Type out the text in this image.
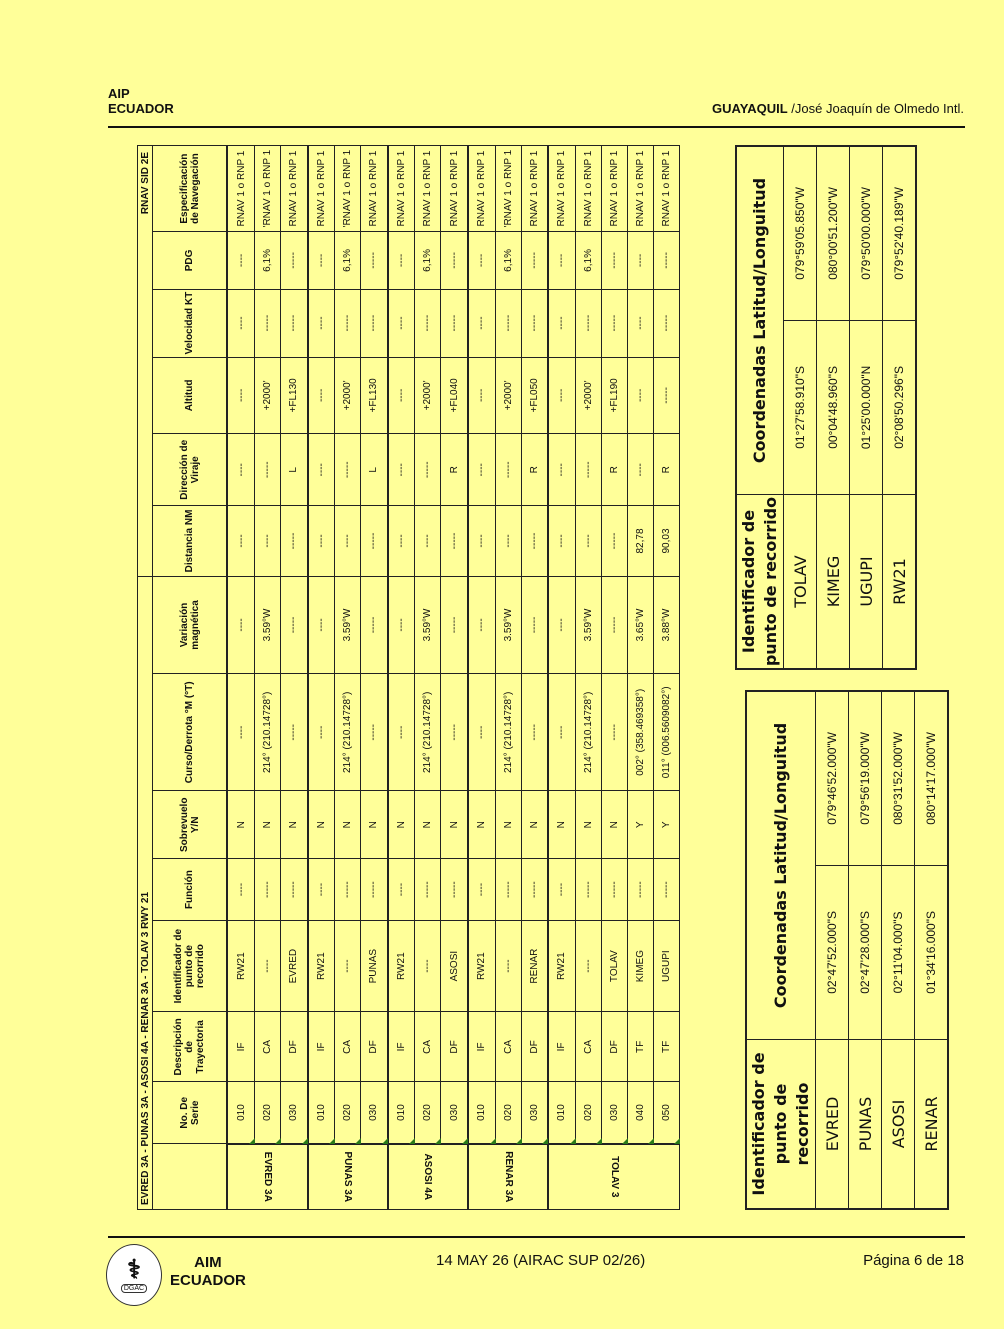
AIP
ECUADOR	GUAYAQUIL /José Joaquín de Olmedo Intl.
EVRED 3A - PUNAS 3A - ASOSI 4A - RENAR 3A - TOLAV 3 RWY 21								RNAV SID 2E					
	No. De Serie	Descripción de Trayectoria	Identificador de punto de recorrido	Función	Sobrevuelo Y/N	Curso/Derrota °M (°T)	Variación magnética	Distancia NM	Dirección de Viraje	Altitud	Velocidad KT	PDG	Especificación de Navegación

EVRED 3A	010	IF	RW21	----	N	----	----	----	----	----	----	----	RNAV 1 o RNP 1
	020	CA	----	-----	N	214° (210.14728°)	3.59°W	----	-----	+2000'	-----	6,1%	'RNAV 1 o RNP 1
	030	DF	EVRED	-----	N	-----	-----	-----	L	+FL130	-----	-----	RNAV 1 o RNP 1

PUNAS 3A	010	IF	RW21	----	N	----	----	----	----	----	----	----	RNAV 1 o RNP 1
	020	CA	----	-----	N	214° (210.14728°)	3.59°W	----	-----	+2000'	-----	6,1%	'RNAV 1 o RNP 1
	030	DF	PUNAS	-----	N	-----	-----	-----	L	+FL130	-----	-----	RNAV 1 o RNP 1

ASOSI 4A	010	IF	RW21	----	N	----	----	----	----	----	----	----	RNAV 1 o RNP 1
	020	CA	----	-----	N	214° (210.14728°)	3.59°W	----	-----	+2000'	-----	6,1%	RNAV 1 o RNP 1
	030	DF	ASOSI	-----	N	-----	-----	-----	R	+FL040	-----	-----	RNAV 1 o RNP 1

RENAR 3A	010	IF	RW21	----	N	----	----	----	----	----	----	----	RNAV 1 o RNP 1
	020	CA	----	-----	N	214° (210.14728°)	3.59°W	----	-----	+2000'	-----	6,1%	'RNAV 1 o RNP 1
	030	DF	RENAR	-----	N	-----	-----	-----	R	+FL050	-----	-----	RNAV 1 o RNP 1

TOLAV 3	010	IF	RW21	----	N	----	----	----	----	----	----	----	RNAV 1 o RNP 1
	020	CA	----	-----	N	214° (210.14728°)	3.59°W	----	-----	+2000'	-----	6,1%	RNAV 1 o RNP 1
	030	DF	TOLAV	-----	N	-----	-----	-----	R	+FL190	-----	-----	RNAV 1 o RNP 1
	040	TF	KIMEG	-----	Y	002° (358.469358°)	3.65°W	82,78	----	----	----	----	RNAV 1 o RNP 1
	050	TF	UGUPI	-----	Y	011° (006.5609082°)	3.88°W	90,03	R	-----	-----	-----	RNAV 1 o RNP 1
Identificador de punto de recorrido	Coordenadas Latitud/Longuitud	
EVRED	02°47'52.000"S	079°46'52.000"W
PUNAS	02°47'28.000"S	079°56'19.000"W
ASOSI	02°11'04.000"S	080°31'52.000"W
RENAR	01°34'16.000"S	080°14'17.000"W
Identificador de punto de recorrido	Coordenadas Latitud/Longuitud	
TOLAV	01°27'58.910"S	079°59'05.850"W
KIMEG	00°04'48.960"S	080°00'51.200"W
UGUPI	01°25'00.000"N	079°50'00.000"W
RW21	02°08'50.296"S	079°52'40.189"W
⚕
DGAC
AIM
ECUADOR
14 MAY 26 (AIRAC SUP 02/26)	Página 6 de 18
